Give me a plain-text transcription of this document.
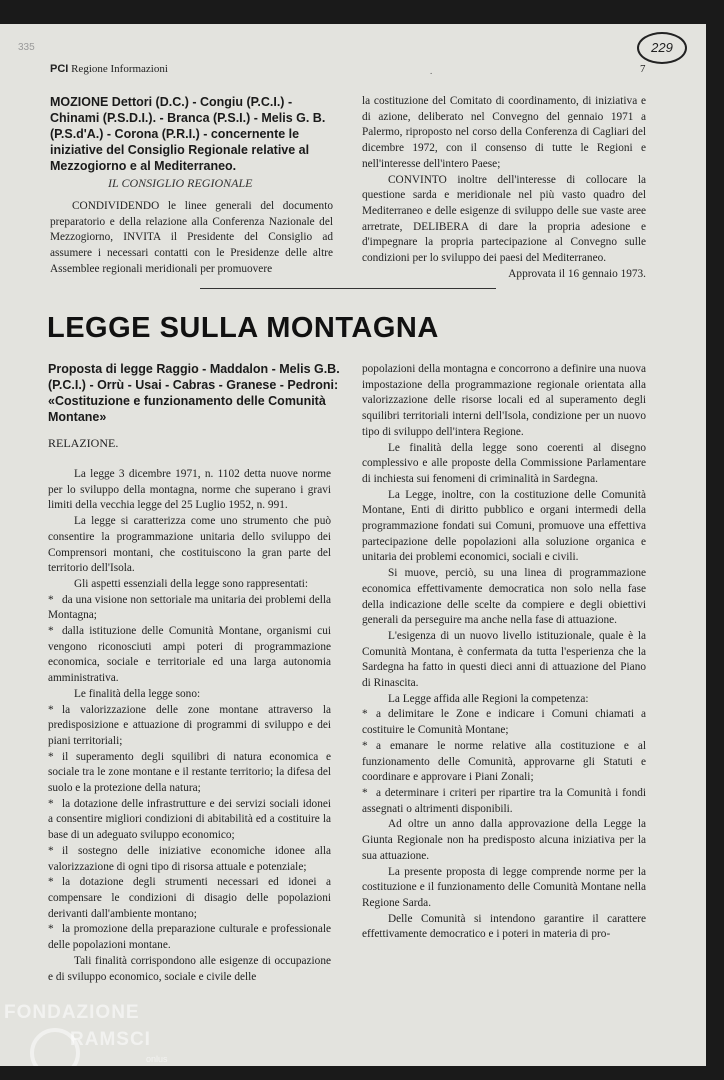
335
PCI Regione Informazioni	.	7
229
MOZIONE Dettori (D.C.) - Congiu (P.C.I.) - Chinami (P.S.D.I.). - Branca (P.S.I.) - Melis G. B. (P.S.d'A.) - Corona (P.R.I.) - concernente le iniziative del Consiglio Regionale relative al Mezzogiorno e al Mediterraneo.
IL CONSIGLIO REGIONALE
CONDIVIDENDO le linee generali del documento preparatorio e della relazione alla Conferenza Nazionale del Mezzogiorno, INVITA il Presidente del Consiglio ad assumere i necessari contatti con le Presidenze delle altre Assemblee regionali meridionali per promuovere

la costituzione del Comitato di coordinamento, di iniziativa e di azione, deliberato nel Convegno del gennaio 1971 a Palermo, riproposto nel corso della Conferenza di Cagliari del dicembre 1972, con il consenso di tutte le Regioni e nell'interesse dell'intero Paese;

CONVINTO inoltre dell'interesse di collocare la questione sarda e meridionale nel più vasto quadro del Mediterraneo e delle esigenze di sviluppo delle sue vaste aree arretrate, DELIBERA di dare la propria adesione e d'impegnare la propria partecipazione al Convegno sulle condizioni per lo sviluppo dei paesi del Mediterraneo.

Approvata il 16 gennaio 1973.

LEGGE SULLA MONTAGNA
Proposta di legge Raggio - Maddalon - Melis G.B. (P.C.I.) - Orrù - Usai - Cabras - Granese - Pedroni: «Costituzione e funzionamento delle Comunità Montane»
RELAZIONE.

La legge 3 dicembre 1971, n. 1102 detta nuove norme per lo sviluppo della montagna, norme che superano i gravi limiti della vecchia legge del 25 Luglio 1952, n. 991.

La legge si caratterizza come uno strumento che può consentire la programmazione unitaria dello sviluppo dei Comprensori montani, che costituiscono la gran parte del territorio dell'Isola.

Gli aspetti essenziali della legge sono rappresentati:

* da una visione non settoriale ma unitaria dei problemi della Montagna;

* dalla istituzione delle Comunità Montane, organismi cui vengono riconosciuti ampi poteri di programmazione economica, sociale e territoriale ed una larga autonomia amministrativa.

Le finalità della legge sono:

* la valorizzazione delle zone montane attraverso la predisposizione e attuazione di programmi di sviluppo e dei piani territoriali;

* il superamento degli squilibri di natura economica e sociale tra le zone montane e il restante territorio; la difesa del suolo e la protezione della natura;

* la dotazione delle infrastrutture e dei servizi sociali idonei a consentire migliori condizioni di abitabilità ed a costituire la base di un adeguato sviluppo economico;

* il sostegno delle iniziative economiche idonee alla valorizzazione di ogni tipo di risorsa attuale e potenziale;

* la dotazione degli strumenti necessari ed idonei a compensare le condizioni di disagio delle popolazioni derivanti dall'ambiente montano;

* la promozione della preparazione culturale e professionale delle popolazioni montane.

Tali finalità corrispondono alle esigenze di occupazione e di sviluppo economico, sociale e civile delle

popolazioni della montagna e concorrono a definire una nuova impostazione della programmazione regionale orientata alla valorizzazione delle risorse locali ed al superamento degli squilibri territoriali interni dell'Isola, condizione per un nuovo tipo di sviluppo dell'intera Regione.

Le finalità della legge sono coerenti al disegno complessivo e alle proposte della Commissione Parlamentare di inchiesta sui fenomeni di criminalità in Sardegna.

La Legge, inoltre, con la costituzione delle Comunità Montane, Enti di diritto pubblico e organi intermedi della programmazione fondati sui Comuni, promuove una effettiva partecipazione delle popolazioni alla soluzione organica e unitaria dei problemi economici, sociali e civili.

Si muove, perciò, su una linea di programmazione economica effettivamente democratica non solo nella fase della indicazione delle scelte da compiere e degli obiettivi generali da perseguire ma anche nella fase di attuazione.

L'esigenza di un nuovo livello istituzionale, quale è la Comunità Montana, è confermata da tutta l'esperienza che la Sardegna ha fatto in questi dieci anni di attuazione del Piano di Rinascita.

La Legge affida alle Regioni la competenza:

* a delimitare le Zone e indicare i Comuni chiamati a costituire le Comunità Montane;

* a emanare le norme relative alla costituzione e al funzionamento delle Comunità, approvarne gli Statuti e coordinare e approvare i Piani Zonali;

* a determinare i criteri per ripartire tra la Comunità i fondi assegnati o altrimenti disponibili.

Ad oltre un anno dalla approvazione della Legge la Giunta Regionale non ha predisposto alcuna iniziativa per la sua attuazione.

La presente proposta di legge comprende norme per la costituzione e il funzionamento delle Comunità Montane nella Regione Sarda.

Delle Comunità si intendono garantire il carattere effettivamente democratico e i poteri in materia di pro-

FONDAZIONE
RAMSCI
onlus
